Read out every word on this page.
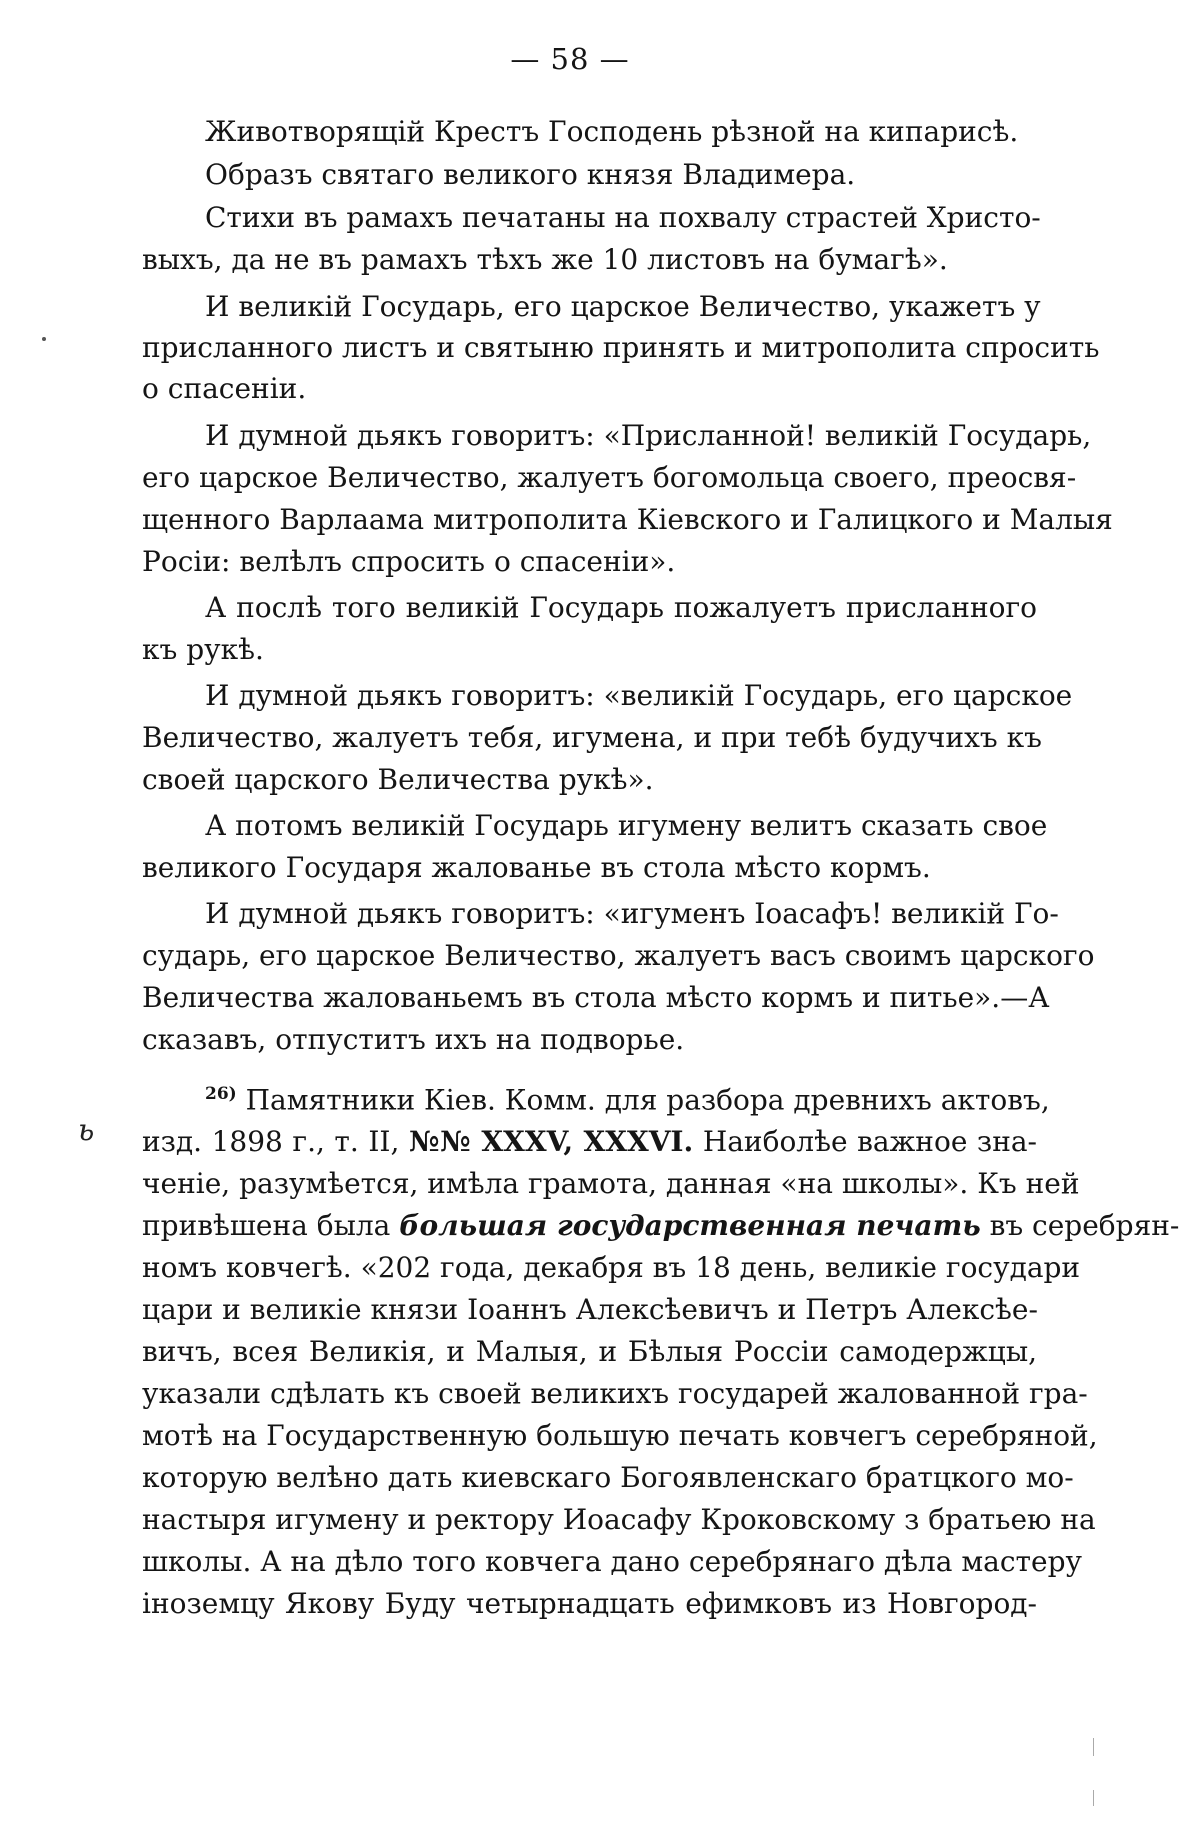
— 58 —
ь
Животворящій Крестъ Господень рѣзной на кипарисѣ.
Образъ святаго великого князя Владимера.
Стихи въ рамахъ печатаны на похвалу страстей Христо-
выхъ, да не въ рамахъ тѣхъ же 10 листовъ на бумагѣ».
И великій Государь, его царское Величество, укажетъ у
присланного листъ и святыню принять и митрополита спросить
о спасеніи.
И думной дьякъ говоритъ: «Присланной! великій Государь,
его царское Величество, жалуетъ богомольца своего, преосвя-
щенного Варлаама митрополита Кіевского и Галицкого и Малыя
Росіи: велѣлъ спросить о спасеніи».
А послѣ того великій Государь пожалуетъ присланного
къ рукѣ.
И думной дьякъ говоритъ: «великій Государь, его царское
Величество, жалуетъ тебя, игумена, и при тебѣ будучихъ къ
своей царского Величества рукѣ».
А потомъ великій Государь игумену велитъ сказать свое
великого Государя жалованье въ стола мѣсто кормъ.
И думной дьякъ говоритъ: «игуменъ Іоасафъ! великій Го-
сударь, его царское Величество, жалуетъ васъ своимъ царского
Величества жалованьемъ въ стола мѣсто кормъ и питье».—А
сказавъ, отпуститъ ихъ на подворье.
$^{26)}$ Памятники Кіев. Комм. для разбора древнихъ актовъ,
изд. 1898 г., т. II, №№ XXXV, XXXVI. Наиболѣе важное зна-
ченіе, разумѣется, имѣла грамота, данная «на школы». Къ ней
привѣшена была большая государственная печать въ серебрян-
номъ ковчегѣ. «202 года, декабря въ 18 день, великіе государи
цари и великіе князи Іоаннъ Алексѣевичъ и Петръ Алексѣе-
вичъ, всея Великія, и Малыя, и Бѣлыя Россіи самодержцы,
указали сдѣлать къ своей великихъ государей жалованной гра-
мотѣ на Государственную большую печать ковчегъ серебряной,
которую велѣно дать киевскаго Богоявленскаго братцкого мо-
настыря игумену и ректору Иоасафу Кроковскому з братьею на
школы. А на дѣло того ковчега дано серебрянаго дѣла мастеру
іноземцу Якову Буду четырнадцать ефимковъ из Новгород-
